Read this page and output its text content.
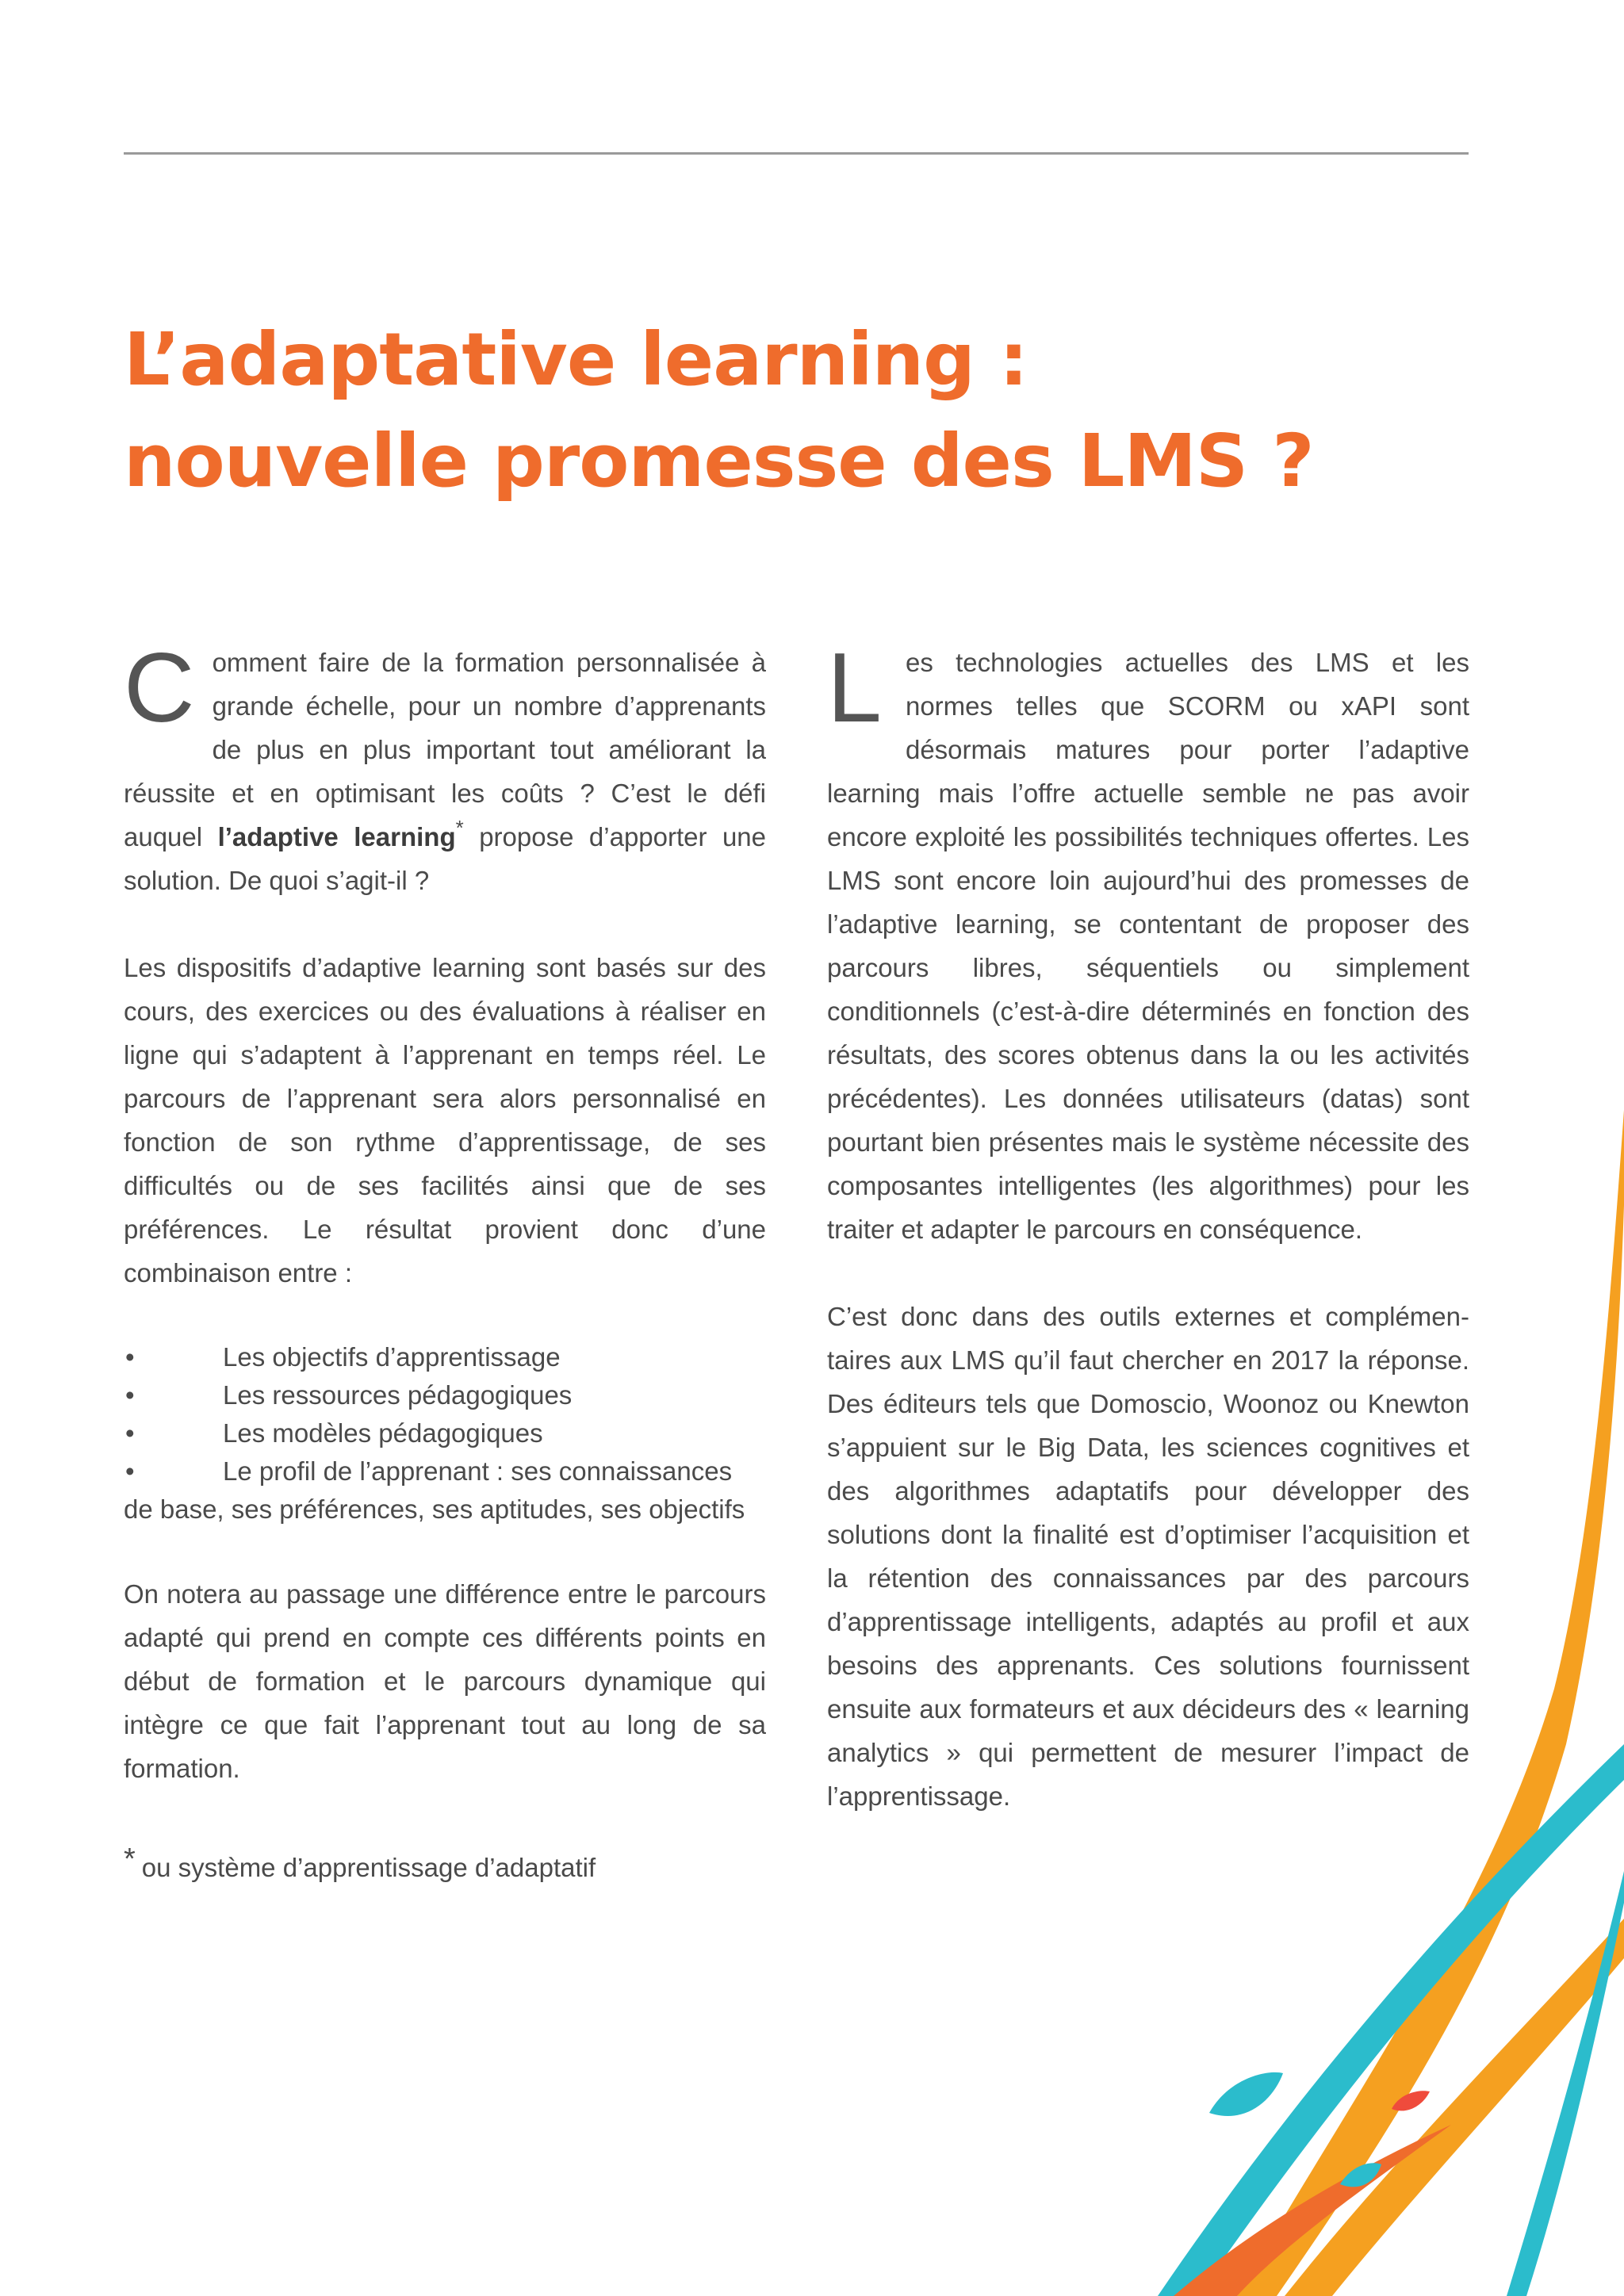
L’adaptative learning :
nouvelle promesse des LMS ?

Comment faire de la formation personnalisée à grande échelle, pour un nombre d’apprenants de plus en plus important tout améliorant la réussite et en optimisant les coûts ? C’est le défi auquel l’adaptive learning* propose d’apporter une solution. De quoi s’agit-il ?

Les dispositifs d’adaptive learning sont basés sur des cours, des exercices ou des évaluations à réaliser en ligne qui s’adaptent à l’apprenant en temps réel. Le parcours de l’apprenant sera alors personnalisé en fonction de son rythme d’apprentissage, de ses difficultés ou de ses facilités ainsi que de ses préférences. Le résultat provient donc d’une combinaison entre :

• Les objectifs d’apprentissage
• Les ressources pédagogiques
• Les modèles pédagogiques
• Le profil de l’apprenant : ses connaissances de base, ses préférences, ses aptitudes, ses objectifs

On notera au passage une différence entre le parcours adapté qui prend en compte ces différents points en début de formation et le parcours dynamique qui intègre ce que fait l’apprenant tout au long de sa formation.

Les technologies actuelles des LMS et les normes telles que SCORM ou xAPI sont désormais matures pour porter l’adaptive learning mais l’offre actuelle semble ne pas avoir encore exploité les possibilités techniques offertes. Les LMS sont encore loin aujourd’hui des promesses de l’adaptive learning, se contentant de proposer des parcours libres, séquentiels ou simplement conditionnels (c’est-à-dire déterminés en fonction des résultats, des scores obtenus dans la ou les activités précédentes). Les données utilisateurs (datas) sont pourtant bien présentes mais le système nécessite des composantes intelligentes (les algorithmes) pour les traiter et adapter le parcours en conséquence.

C’est donc dans des outils externes et complémentaires aux LMS qu’il faut chercher en 2017 la réponse. Des éditeurs tels que Domoscio, Woonoz ou Knewton s’appuient sur le Big Data, les sciences cognitives et des algorithmes adaptatifs pour développer des solutions dont la finalité est d’optimiser l’acquisition et la rétention des connaissances par des parcours d’apprentissage intelligents, adaptés au profil et aux besoins des apprenants. Ces solutions fournissent ensuite aux formateurs et aux décideurs des « learning analytics » qui permettent de mesurer l’impact de l’apprentissage.

* ou système d’apprentissage d’adaptatif
